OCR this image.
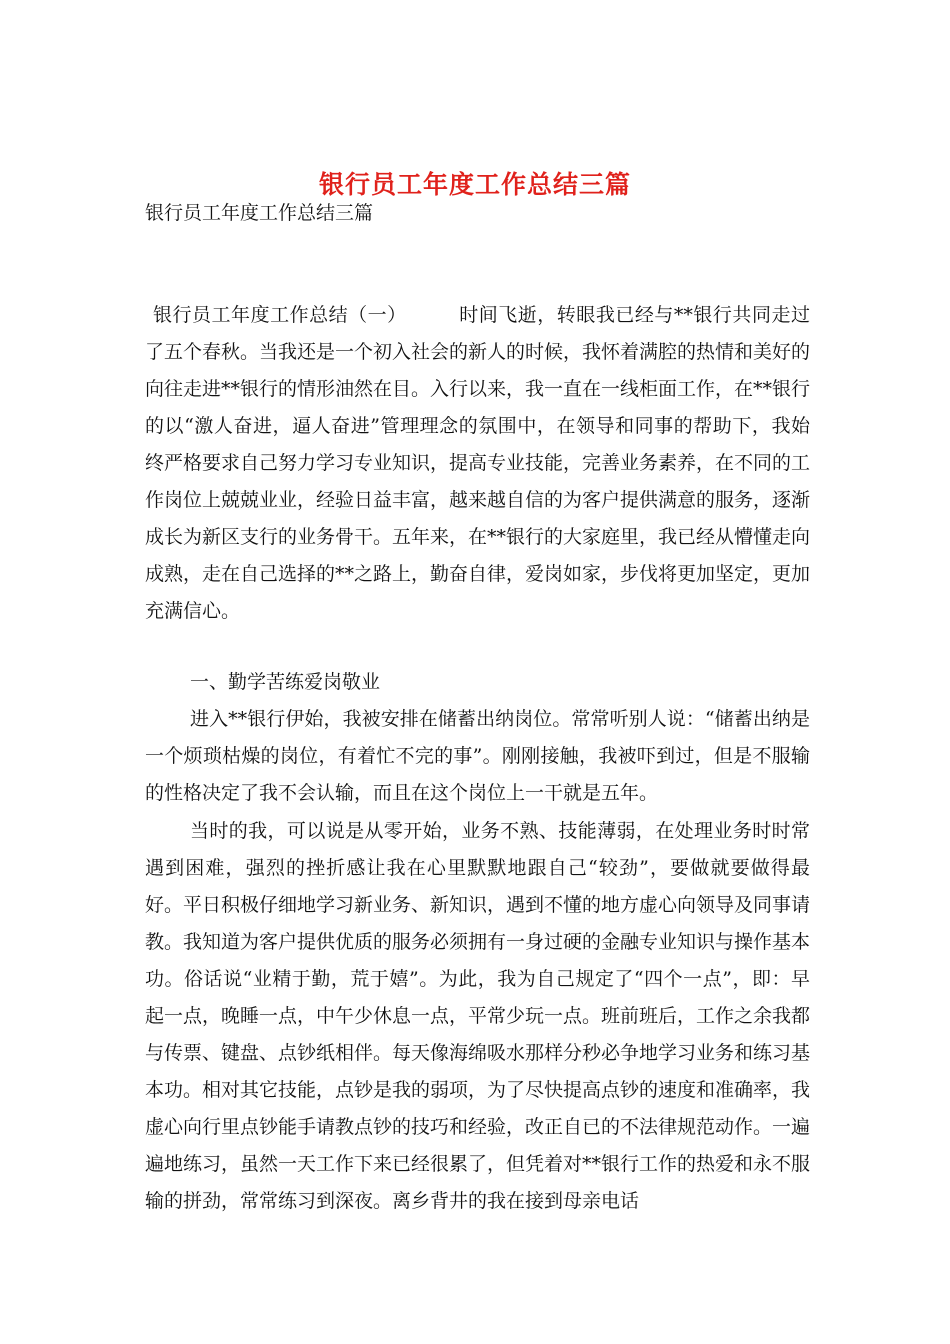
银行员工年度工作总结三篇
银行员工年度工作总结三篇

银行员工年度工作总结（一）	时间飞逝，转眼我已经与**银行共同走过了五个春秋。当我还是一个初入社会的新人的时候，我怀着满腔的热情和美好的向往走进**银行的情形油然在目。入行以来，我一直在一线柜面工作，在**银行的以“激人奋进，逼人奋进”管理理念的氛围中，在领导和同事的帮助下，我始终严格要求自己努力学习专业知识，提高专业技能，完善业务素养，在不同的工作岗位上兢兢业业，经验日益丰富，越来越自信的为客户提供满意的服务，逐渐成长为新区支行的业务骨干。五年来，在**银行的大家庭里，我已经从懵懂走向成熟，走在自己选择的**之路上，勤奋自律，爱岗如家，步伐将更加坚定，更加充满信心。

一、勤学苦练爱岗敬业

进入**银行伊始，我被安排在储蓄出纳岗位。常常听别人说：“储蓄出纳是一个烦琐枯燥的岗位，有着忙不完的事”。刚刚接触，我被吓到过，但是不服输的性格决定了我不会认输，而且在这个岗位上一干就是五年。

当时的我，可以说是从零开始，业务不熟、技能薄弱，在处理业务时时常遇到困难，强烈的挫折感让我在心里默默地跟自己“较劲”，要做就要做得最好。平日积极仔细地学习新业务、新知识，遇到不懂的地方虚心向领导及同事请教。我知道为客户提供优质的服务必须拥有一身过硬的金融专业知识与操作基本功。俗话说“业精于勤，荒于嬉”。为此，我为自己规定了“四个一点”，即：早起一点，晚睡一点，中午少休息一点，平常少玩一点。班前班后，工作之余我都与传票、键盘、点钞纸相伴。每天像海绵吸水那样分秒必争地学习业务和练习基本功。相对其它技能，点钞是我的弱项，为了尽快提高点钞的速度和准确率，我虚心向行里点钞能手请教点钞的技巧和经验，改正自已的不法律规范动作。一遍遍地练习，虽然一天工作下来已经很累了，但凭着对**银行工作的热爱和永不服输的拼劲，常常练习到深夜。离乡背井的我在接到母亲电话
